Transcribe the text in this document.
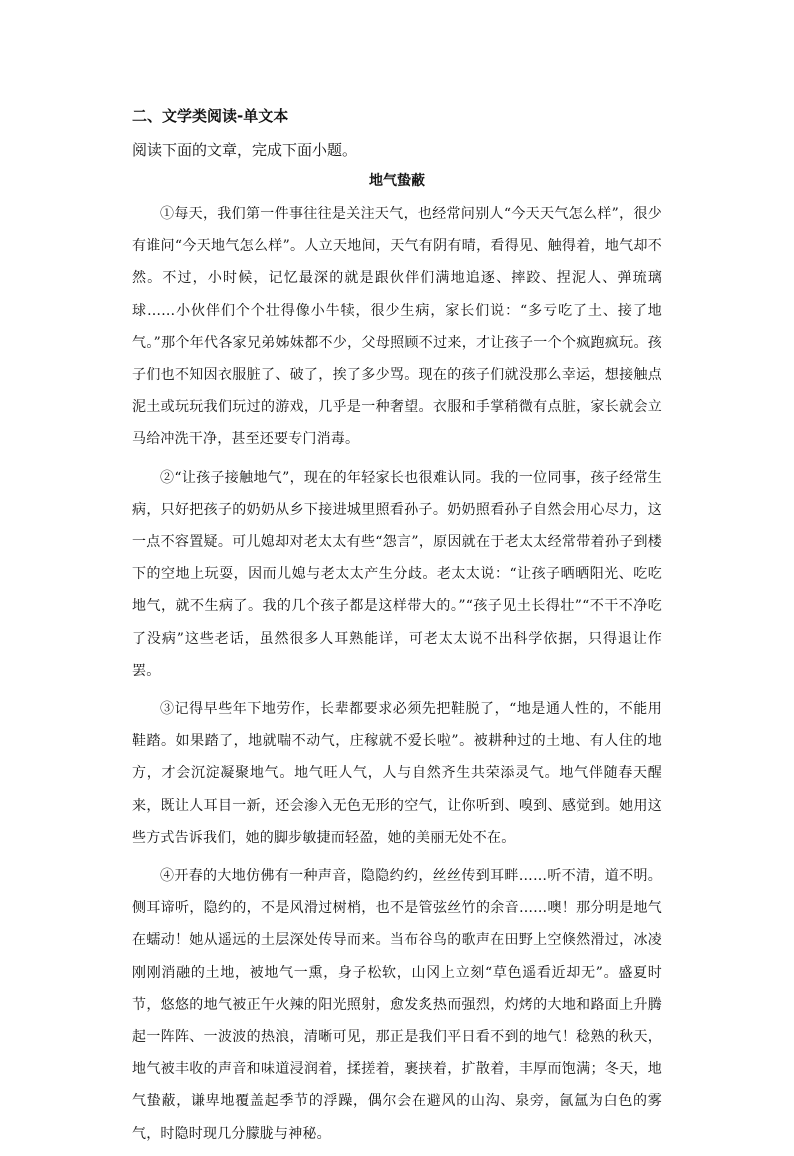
二、文学类阅读-单文本

阅读下面的文章，完成下面小题。

地气蛰蔽

①每天，我们第一件事往往是关注天气，也经常问别人“今天天气怎么样”，很少有谁问“今天地气怎么样”。人立天地间，天气有阴有晴，看得见、触得着，地气却不然。不过，小时候，记忆最深的就是跟伙伴们满地追逐、摔跤、捏泥人、弹琉璃球……小伙伴们个个壮得像小牛犊，很少生病，家长们说：“多亏吃了土、接了地气。”那个年代各家兄弟姊妹都不少，父母照顾不过来，才让孩子一个个疯跑疯玩。孩子们也不知因衣服脏了、破了，挨了多少骂。现在的孩子们就没那么幸运，想接触点泥土或玩玩我们玩过的游戏，几乎是一种奢望。衣服和手掌稍微有点脏，家长就会立马给冲洗干净，甚至还要专门消毒。

②“让孩子接触地气”，现在的年轻家长也很难认同。我的一位同事，孩子经常生病，只好把孩子的奶奶从乡下接进城里照看孙子。奶奶照看孙子自然会用心尽力，这一点不容置疑。可儿媳却对老太太有些“怨言”，原因就在于老太太经常带着孙子到楼下的空地上玩耍，因而儿媳与老太太产生分歧。老太太说：“让孩子晒晒阳光、吃吃地气，就不生病了。我的几个孩子都是这样带大的。”“孩子见土长得壮”“不干不净吃了没病”这些老话，虽然很多人耳熟能详，可老太太说不出科学依据，只得退让作罢。

③记得早些年下地劳作，长辈都要求必须先把鞋脱了，“地是通人性的，不能用鞋踏。如果踏了，地就喘不动气，庄稼就不爱长啦”。被耕种过的土地、有人住的地方，才会沉淀凝聚地气。地气旺人气，人与自然齐生共荣添灵气。地气伴随春天醒来，既让人耳目一新，还会渗入无色无形的空气，让你听到、嗅到、感觉到。她用这些方式告诉我们，她的脚步敏捷而轻盈，她的美丽无处不在。

④开春的大地仿佛有一种声音，隐隐约约，丝丝传到耳畔……听不清，道不明。侧耳谛听，隐约的，不是风滑过树梢，也不是管弦丝竹的余音……噢！那分明是地气在蠕动！她从遥远的土层深处传导而来。当布谷鸟的歌声在田野上空倏然滑过，冰凌刚刚消融的土地，被地气一熏，身子松软，山冈上立刻“草色遥看近却无”。盛夏时节，悠悠的地气被正午火辣的阳光照射，愈发炙热而强烈，灼烤的大地和路面上升腾起一阵阵、一波波的热浪，清晰可见，那正是我们平日看不到的地气！稔熟的秋天，地气被丰收的声音和味道浸润着，揉搓着，裹挟着，扩散着，丰厚而饱满；冬天，地气蛰蔽，谦卑地覆盖起季节的浮躁，偶尔会在避风的山沟、泉旁，氤氲为白色的雾气，时隐时现几分朦胧与神秘。
